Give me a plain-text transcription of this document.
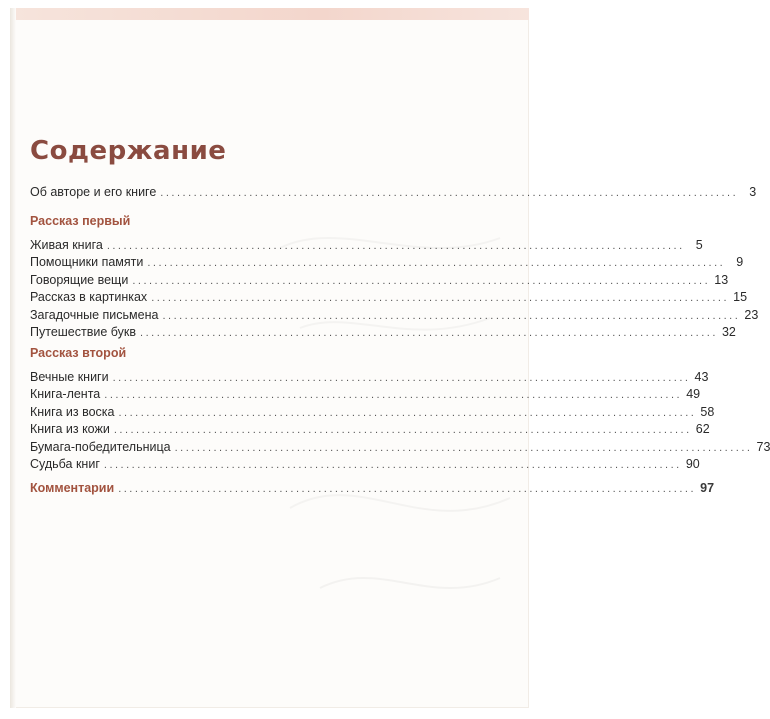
Содержание
Об авторе и его книге ........................................................................................................ 3
Рассказ первый
Живая книга ........................................................................................................ 5
Помощники памяти ........................................................................................................ 9
Говорящие вещи ........................................................................................................ 13
Рассказ в картинках ........................................................................................................ 15
Загадочные письмена ........................................................................................................ 23
Путешествие букв ........................................................................................................ 32
Рассказ второй
Вечные книги ........................................................................................................ 43
Книга-лента ........................................................................................................ 49
Книга из воска ........................................................................................................ 58
Книга из кожи ........................................................................................................ 62
Бумага-победительница ........................................................................................................ 73
Судьба книг ........................................................................................................ 90
Комментарии ........................................................................................................ 97
